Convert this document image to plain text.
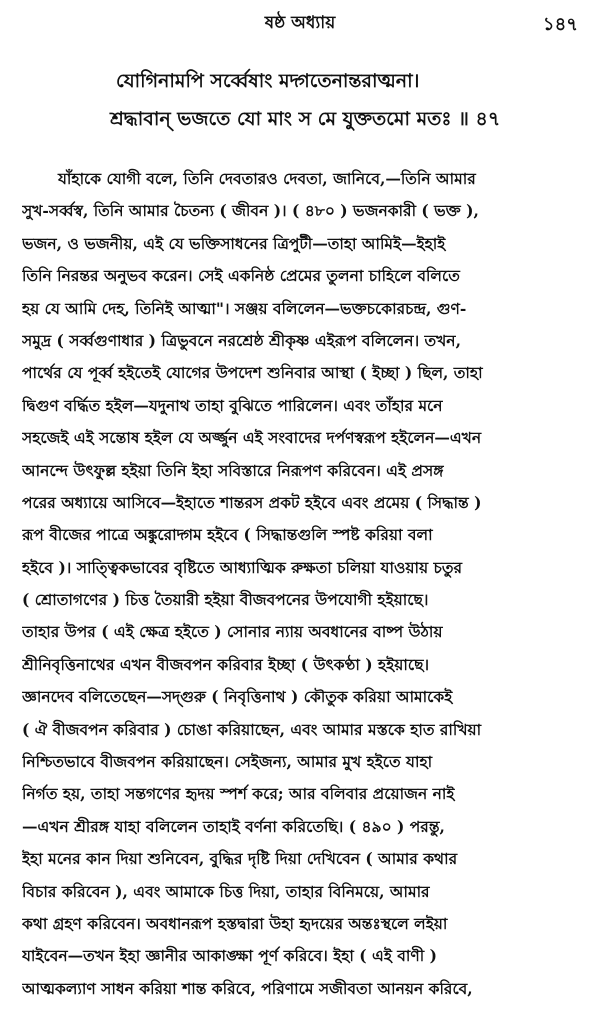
ষষ্ঠ অধ্যায়	১৪৭
যোগিনামপি সর্ব্বেষাং মদ্গতেনান্তরাত্মনা।
শ্রদ্ধাবান্ ভজতে যো মাং স মে যুক্ততমো মতঃ ॥ ৪৭
যাঁহাকে যোগী বলে, তিনি দেবতারও দেবতা, জানিবে,—তিনি আমার
সুখ-সর্ব্বস্ব, তিনি আমার চৈতন্য ( জীবন )। ( ৪৮০ ) ভজনকারী ( ভক্ত ),
ভজন, ও ভজনীয়, এই যে ভক্তিসাধনের ত্রিপুটী—তাহা আমিই—ইহাই
তিনি নিরন্তর অনুভব করেন। সেই একনিষ্ঠ প্রেমের তুলনা চাহিলে বলিতে
হয় যে আমি দেহ, তিনিই আত্মা"। সঞ্জয় বলিলেন—ভক্তচকোরচন্দ্র, গুণ-
সমুদ্র ( সর্ব্বগুণাধার ) ত্রিভুবনে নরশ্রেষ্ঠ শ্রীকৃষ্ণ এইরূপ বলিলেন। তখন,
পার্থের যে পূর্ব্ব হইতেই যোগের উপদেশ শুনিবার আস্থা ( ইচ্ছা ) ছিল, তাহা
দ্বিগুণ বর্দ্ধিত হইল—যদুনাথ তাহা বুঝিতে পারিলেন। এবং তাঁহার মনে
সহজেই এই সন্তোষ হইল যে অর্জ্জুন এই সংবাদের দর্পণস্বরূপ হইলেন—এখন
আনন্দে উৎফুল্ল হইয়া তিনি ইহা সবিস্তারে নিরূপণ করিবেন। এই প্রসঙ্গ
পরের অধ্যায়ে আসিবে—ইহাতে শান্তরস প্রকট হইবে এবং প্রমেয় ( সিদ্ধান্ত )
রূপ বীজের পাত্রে অঙ্কুরোদ্গম হইবে ( সিদ্ধান্তগুলি স্পষ্ট করিয়া বলা
হইবে )। সাত্ত্বিকভাবের বৃষ্টিতে আধ্যাত্মিক রুক্ষতা চলিয়া যাওয়ায় চতুর
( শ্রোতাগণের ) চিত্ত তৈয়ারী হইয়া বীজবপনের উপযোগী হইয়াছে।
তাহার উপর ( এই ক্ষেত্র হইতে ) সোনার ন্যায় অবধানের বাষ্প উঠায়
শ্রীনিবৃত্তিনাথের এখন বীজবপন করিবার ইচ্ছা ( উৎকণ্ঠা ) হইয়াছে।
জ্ঞানদেব বলিতেছেন—সদ্গুরু ( নিবৃত্তিনাথ ) কৌতুক করিয়া আমাকেই
( ঐ বীজবপন করিবার ) চোঙা করিয়াছেন, এবং আমার মস্তকে হাত রাখিয়া
নিশ্চিতভাবে বীজবপন করিয়াছেন। সেইজন্য, আমার মুখ হইতে যাহা
নির্গত হয়, তাহা সন্তগণের হৃদয় স্পর্শ করে; আর বলিবার প্রয়োজন নাই
—এখন শ্রীরঙ্গ যাহা বলিলেন তাহাই বর্ণনা করিতেছি। ( ৪৯০ ) পরন্তু,
ইহা মনের কান দিয়া শুনিবেন, বুদ্ধির দৃষ্টি দিয়া দেখিবেন ( আমার কথার
বিচার করিবেন ), এবং আমাকে চিত্ত দিয়া, তাহার বিনিময়ে, আমার
কথা গ্রহণ করিবেন। অবধানরূপ হস্তদ্বারা উহা হৃদয়ের অন্তঃস্থলে লইয়া
যাইবেন—তখন ইহা জ্ঞানীর আকাঙ্ক্ষা পূর্ণ করিবে। ইহা ( এই বাণী )
আত্মকল্যাণ সাধন করিয়া শান্ত করিবে, পরিণামে সজীবতা আনয়ন করিবে,
